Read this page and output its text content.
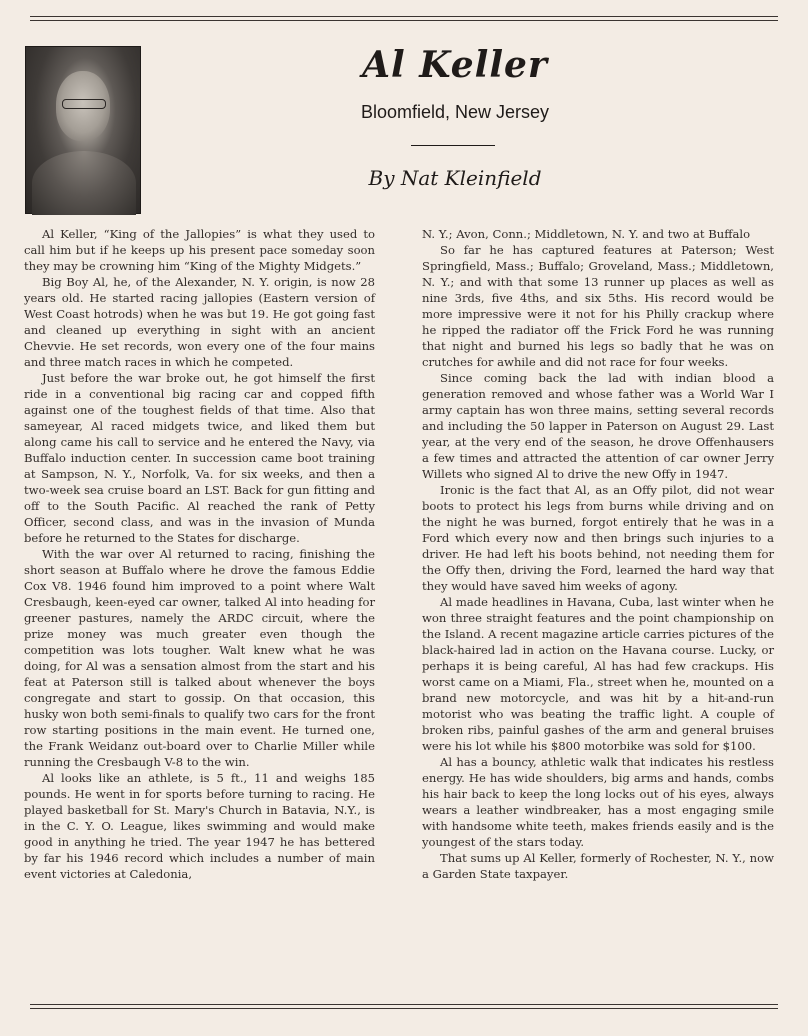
Al Keller
Bloomfield, New Jersey
By Nat Kleinfield

Al Keller, “King of the Jallopies” is what they used to call him but if he keeps up his present pace someday soon they may be crowning him “King of the Mighty Midgets.”

Big Boy Al, he, of the Alexander, N. Y. origin, is now 28 years old. He started racing jallopies (Eastern version of West Coast hotrods) when he was but 19. He got going fast and cleaned up everything in sight with an ancient Chevvie. He set records, won every one of the four mains and three match races in which he competed.

Just before the war broke out, he got himself the first ride in a conventional big racing car and copped fifth against one of the toughest fields of that time. Also that sameyear, Al raced midgets twice, and liked them but along came his call to service and he entered the Navy, via Buffalo induction center. In succession came boot training at Sampson, N. Y., Norfolk, Va. for six weeks, and then a two-week sea cruise board an LST. Back for gun fitting and off to the South Pacific. Al reached the rank of Petty Officer, second class, and was in the invasion of Munda before he returned to the States for discharge.

With the war over Al returned to racing, finishing the short season at Buffalo where he drove the famous Eddie Cox V8. 1946 found him improved to a point where Walt Cresbaugh, keen-eyed car owner, talked Al into heading for greener pastures, namely the ARDC circuit, where the prize money was much greater even though the competition was lots tougher. Walt knew what he was doing, for Al was a sensation almost from the start and his feat at Paterson still is talked about whenever the boys congregate and start to gossip. On that occasion, this husky won both semi-finals to qualify two cars for the front row starting positions in the main event. He turned one, the Frank Weidanz out-board over to Charlie Miller while running the Cresbaugh V-8 to the win.

Al looks like an athlete, is 5 ft., 11 and weighs 185 pounds. He went in for sports before turning to racing. He played basketball for St. Mary's Church in Batavia, N.Y., is in the C. Y. O. League, likes swimming and would make good in anything he tried. The year 1947 he has bettered by far his 1946 record which includes a number of main event victories at Caledonia,

N. Y.; Avon, Conn.; Middletown, N. Y. and two at Buffalo

So far he has captured features at Paterson; West Springfield, Mass.; Buffalo; Groveland, Mass.; Middletown, N. Y.; and with that some 13 runner up places as well as nine 3rds, five 4ths, and six 5ths. His record would be more impressive were it not for his Philly crackup where he ripped the radiator off the Frick Ford he was running that night and burned his legs so badly that he was on crutches for awhile and did not race for four weeks.

Since coming back the lad with indian blood a generation removed and whose father was a World War I army captain has won three mains, setting several records and including the 50 lapper in Paterson on August 29. Last year, at the very end of the season, he drove Offenhausers a few times and attracted the attention of car owner Jerry Willets who signed Al to drive the new Offy in 1947.

Ironic is the fact that Al, as an Offy pilot, did not wear boots to protect his legs from burns while driving and on the night he was burned, forgot entirely that he was in a Ford which every now and then brings such injuries to a driver. He had left his boots behind, not needing them for the Offy then, driving the Ford, learned the hard way that they would have saved him weeks of agony.

Al made headlines in Havana, Cuba, last winter when he won three straight features and the point championship on the Island. A recent magazine article carries pictures of the black-haired lad in action on the Havana course. Lucky, or perhaps it is being careful, Al has had few crackups. His worst came on a Miami, Fla., street when he, mounted on a brand new motorcycle, and was hit by a hit-and-run motorist who was beating the traffic light. A couple of broken ribs, painful gashes of the arm and general bruises were his lot while his $800 motorbike was sold for $100.

Al has a bouncy, athletic walk that indicates his restless energy. He has wide shoulders, big arms and hands, combs his hair back to keep the long locks out of his eyes, always wears a leather windbreaker, has a most engaging smile with handsome white teeth, makes friends easily and is the youngest of the stars today.

That sums up Al Keller, formerly of Rochester, N. Y., now a Garden State taxpayer.
